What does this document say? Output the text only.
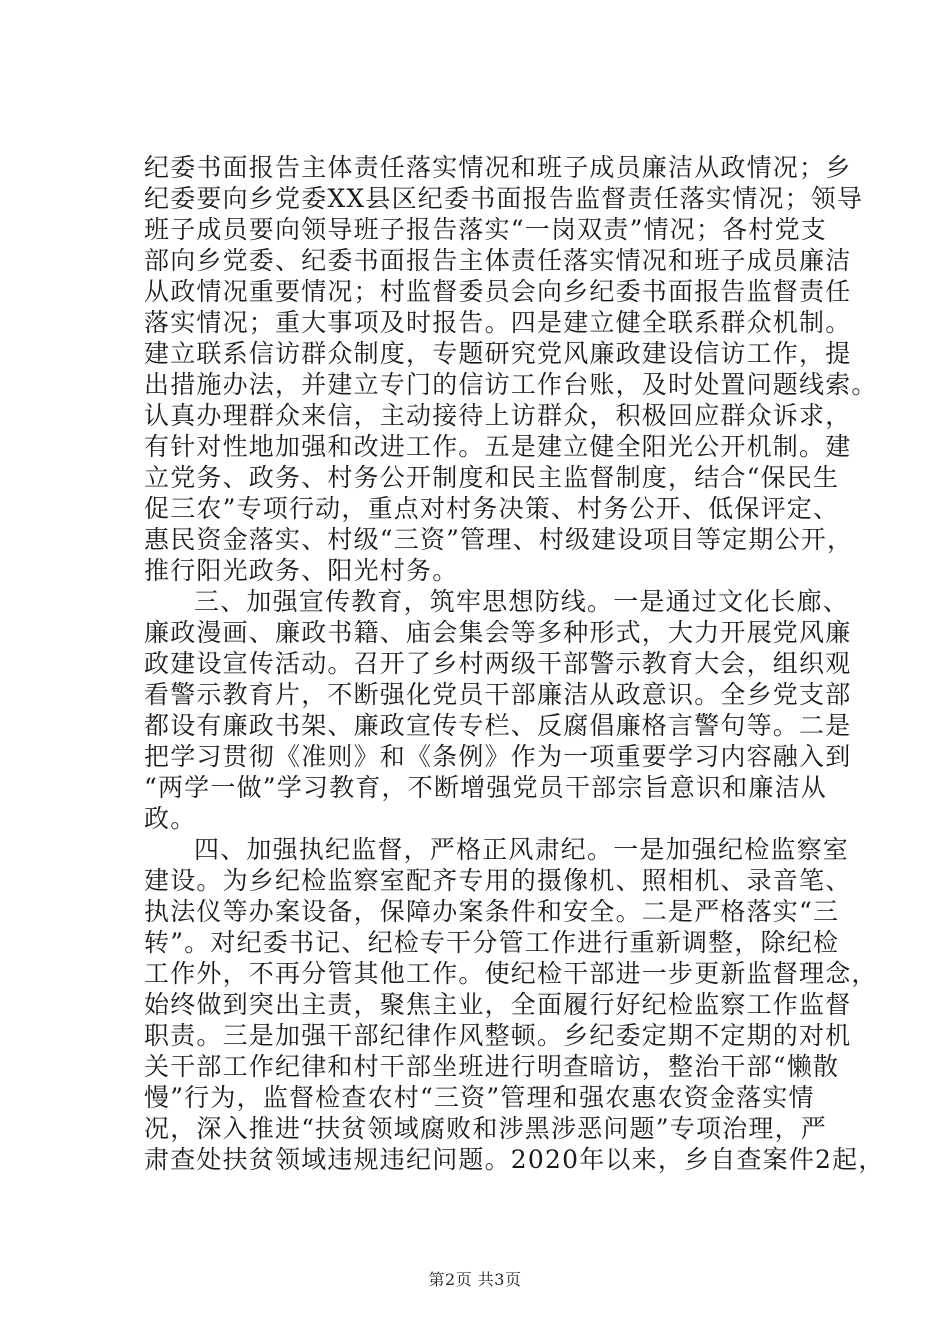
纪委书面报告主体责任落实情况和班子成员廉洁从政情况；乡
纪委要向乡党委XX县区纪委书面报告监督责任落实情况；领导
班子成员要向领导班子报告落实“一岗双责”情况；各村党支
部向乡党委、纪委书面报告主体责任落实情况和班子成员廉洁
从政情况重要情况；村监督委员会向乡纪委书面报告监督责任
落实情况；重大事项及时报告。四是建立健全联系群众机制。
建立联系信访群众制度，专题研究党风廉政建设信访工作，提
出措施办法，并建立专门的信访工作台账，及时处置问题线索。
认真办理群众来信，主动接待上访群众，积极回应群众诉求，
有针对性地加强和改进工作。五是建立健全阳光公开机制。建
立党务、政务、村务公开制度和民主监督制度，结合“保民生
促三农”专项行动，重点对村务决策、村务公开、低保评定、
惠民资金落实、村级“三资”管理、村级建设项目等定期公开，
推行阳光政务、阳光村务。
三、加强宣传教育，筑牢思想防线。一是通过文化长廊、
廉政漫画、廉政书籍、庙会集会等多种形式，大力开展党风廉
政建设宣传活动。召开了乡村两级干部警示教育大会，组织观
看警示教育片，不断强化党员干部廉洁从政意识。全乡党支部
都设有廉政书架、廉政宣传专栏、反腐倡廉格言警句等。二是
把学习贯彻《准则》和《条例》作为一项重要学习内容融入到
“两学一做”学习教育，不断增强党员干部宗旨意识和廉洁从
政。
四、加强执纪监督，严格正风肃纪。一是加强纪检监察室
建设。为乡纪检监察室配齐专用的摄像机、照相机、录音笔、
执法仪等办案设备，保障办案条件和安全。二是严格落实“三
转”。对纪委书记、纪检专干分管工作进行重新调整，除纪检
工作外，不再分管其他工作。使纪检干部进一步更新监督理念，
始终做到突出主责，聚焦主业，全面履行好纪检监察工作监督
职责。三是加强干部纪律作风整顿。乡纪委定期不定期的对机
关干部工作纪律和村干部坐班进行明查暗访，整治干部“懒散
慢”行为，监督检查农村“三资”管理和强农惠农资金落实情
况，深入推进“扶贫领域腐败和涉黑涉恶问题”专项治理，严
肃查处扶贫领域违规违纪问题。2020年以来，乡自查案件2起，
第2页 共3页
